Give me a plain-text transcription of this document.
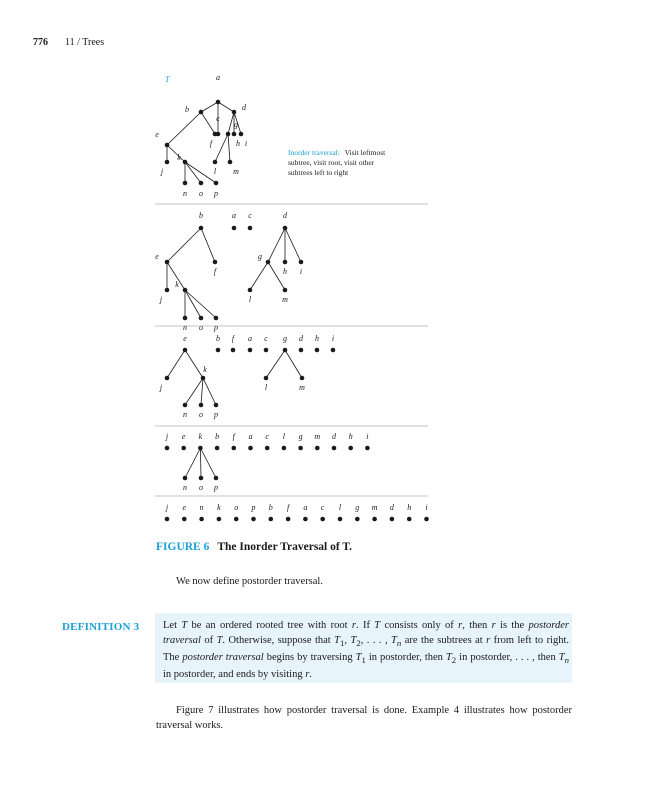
776 11 / Trees
a
b
c
d
e
f
g
h i
j
k
l m
n o p
b	a c	d
e
f
g
h i
k
j	l	m
n o p
e	b f a c g d h i
j
k
l	m
n o p
j e k b f a c l g m d h i
n o p
j e n k o p b f a c l g m d h i
T
Inorder traversal: Visit leftmost
subtree, visit root, visit other
subtrees left to right
FIGURE 6 The Inorder Traversal of T.
We now define postorder traversal.
DEFINITION 3 Let T be an ordered rooted tree with root r. If T consists only of r, then r is the postorder traversal of T. Otherwise, suppose that $T_1$, $T_2$, . . . , $T_n$ are the subtrees at r from left to right. The postorder traversal begins by traversing $T_1$ in postorder, then $T_2$ in postorder, . . . , then $T_n$ in postorder, and ends by visiting r.
Figure 7 illustrates how postorder traversal is done. Example 4 illustrates how postorder traversal works.
